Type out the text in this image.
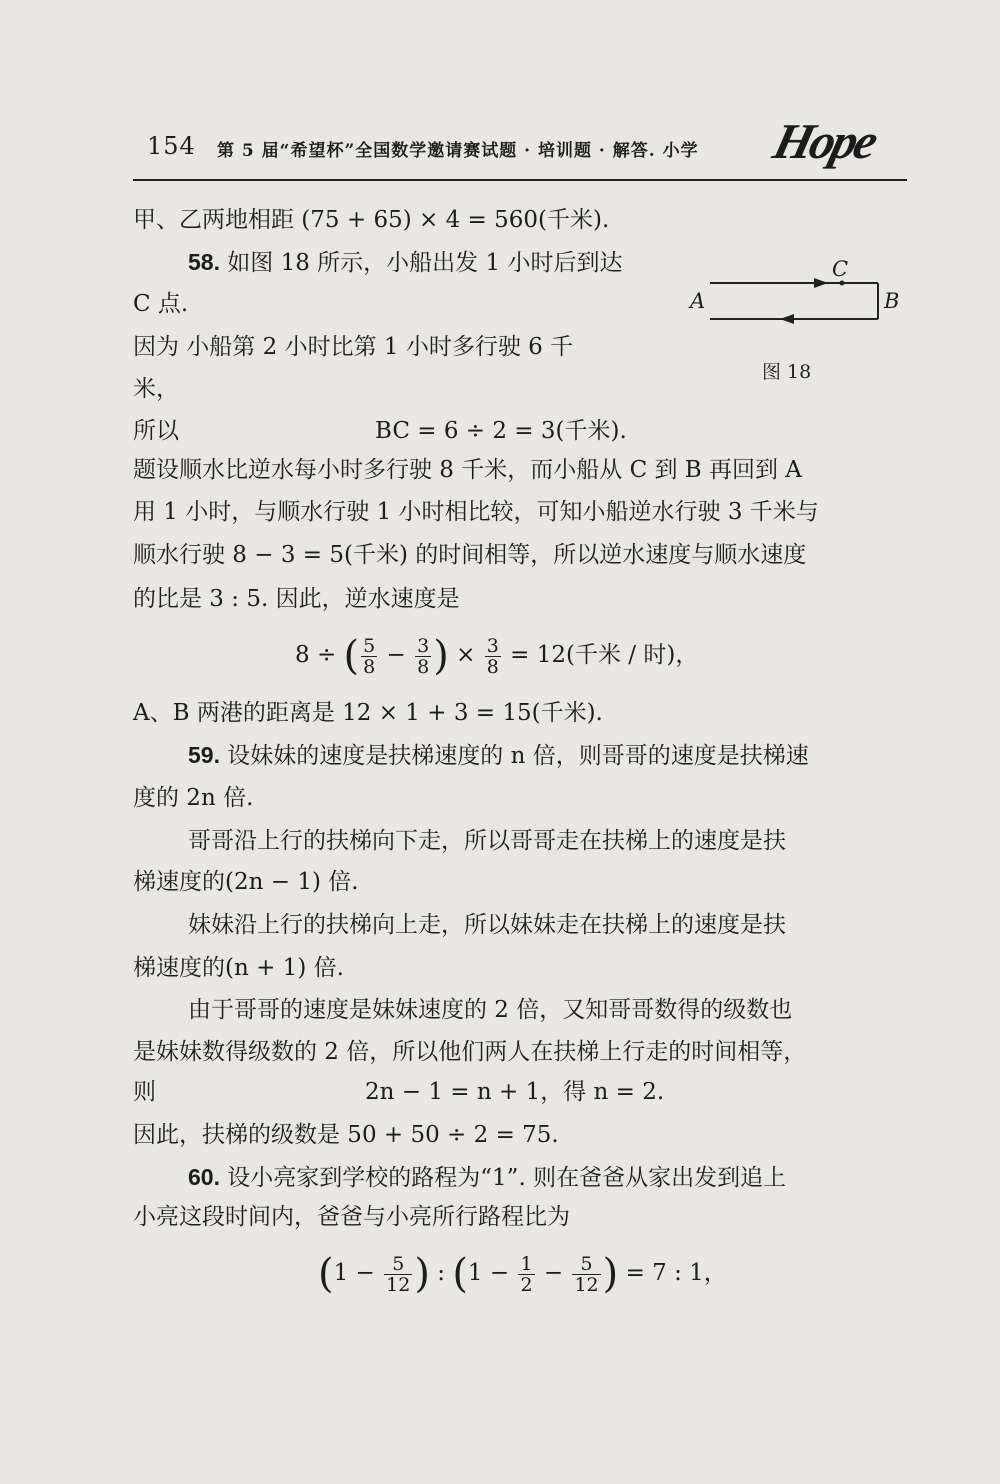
154 第 5 届“希望杯”全国数学邀请赛试题 · 培训题 · 解答. 小学 Hope
A	B
C
图 18
甲、乙两地相距 (75 + 65) × 4 = 560(千米).
58. 如图 18 所示，小船出发 1 小时后到达
C 点.
因为 小船第 2 小时比第 1 小时多行驶 6 千
米，
所以	BC = 6 ÷ 2 = 3(千米).
题设顺水比逆水每小时多行驶 8 千米，而小船从 C 到 B 再回到 A
用 1 小时，与顺水行驶 1 小时相比较，可知小船逆水行驶 3 千米与
顺水行驶 8 − 3 = 5(千米) 的时间相等，所以逆水速度与顺水速度
的比是 3 : 5. 因此，逆水速度是
8 ÷ ( $\frac{5}{8} - \frac{3}{8}$ ) × $\frac{3}{8} = 12$(千米 / 时)，
A、B 两港的距离是 12 × 1 + 3 = 15(千米).
59. 设妹妹的速度是扶梯速度的 n 倍，则哥哥的速度是扶梯速
度的 2n 倍.
哥哥沿上行的扶梯向下走，所以哥哥走在扶梯上的速度是扶
梯速度的(2n − 1) 倍.
妹妹沿上行的扶梯向上走，所以妹妹走在扶梯上的速度是扶
梯速度的(n + 1) 倍.
由于哥哥的速度是妹妹速度的 2 倍，又知哥哥数得的级数也
是妹妹数得级数的 2 倍，所以他们两人在扶梯上行走的时间相等，
则	2n − 1 = n + 1，得 n = 2.
因此，扶梯的级数是 50 + 50 ÷ 2 = 75.
60. 设小亮家到学校的路程为“1”. 则在爸爸从家出发到追上
小亮这段时间内，爸爸与小亮所行路程比为
($1 - \frac{5}{12}$ ) : ($1 - \frac{1}{2} - \frac{5}{12}$ ) = 7 : 1，
